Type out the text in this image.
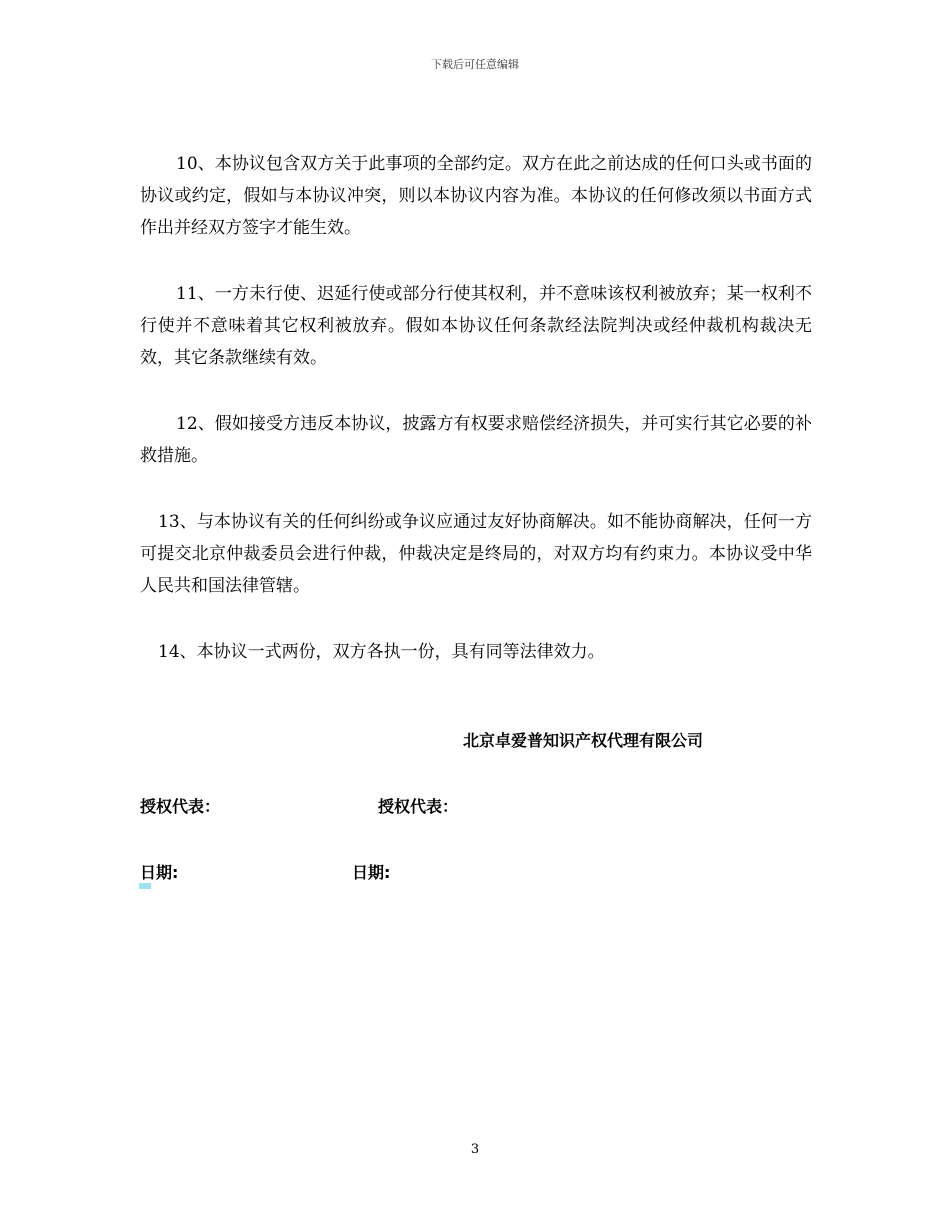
下载后可任意编辑

10、本协议包含双方关于此事项的全部约定。双方在此之前达成的任何口头或书面的协议或约定，假如与本协议冲突，则以本协议内容为准。本协议的任何修改须以书面方式作出并经双方签字才能生效。

11、一方未行使、迟延行使或部分行使其权利，并不意味该权利被放弃；某一权利不行使并不意味着其它权利被放弃。假如本协议任何条款经法院判决或经仲裁机构裁决无效，其它条款继续有效。

12、假如接受方违反本协议，披露方有权要求赔偿经济损失，并可实行其它必要的补救措施。

13、与本协议有关的任何纠纷或争议应通过友好协商解决。如不能协商解决，任何一方可提交北京仲裁委员会进行仲裁，仲裁决定是终局的，对双方均有约束力。本协议受中华人民共和国法律管辖。

14、本协议一式两份，双方各执一份，具有同等法律效力。

北京卓爱普知识产权代理有限公司
授权代表：	授权代表：
日期:	日期:
3
